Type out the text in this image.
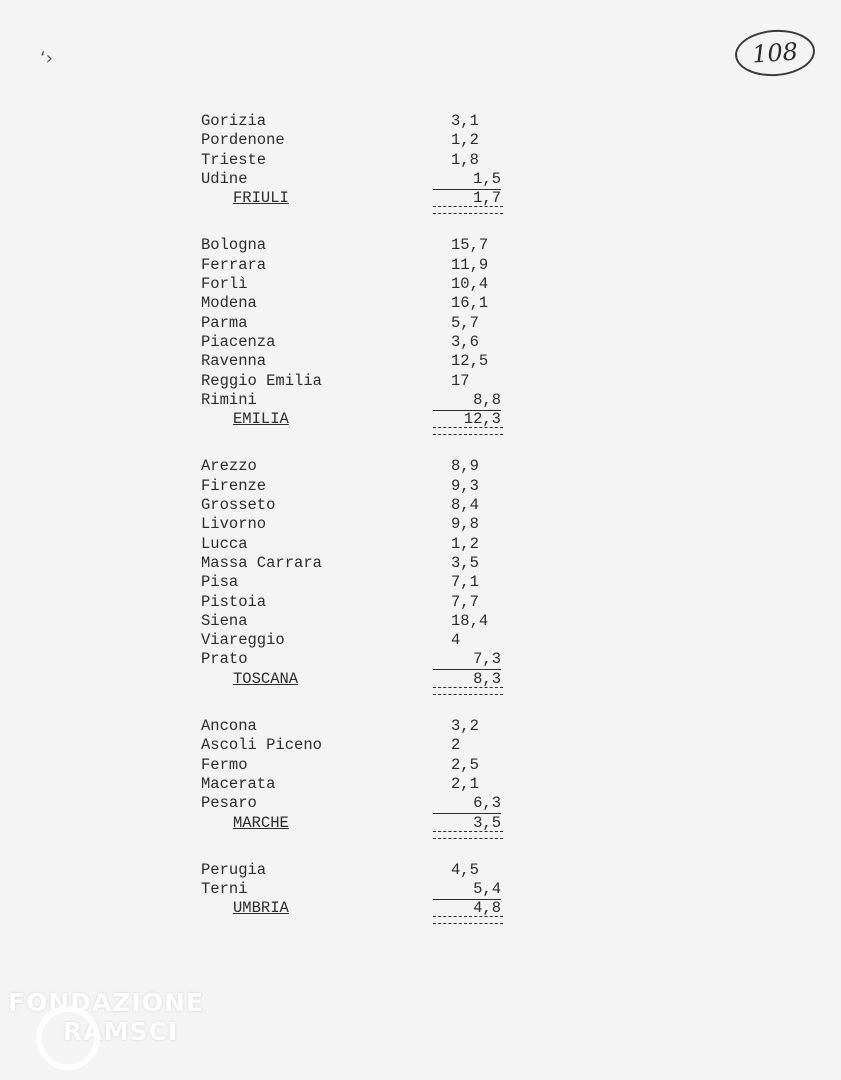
ʻ›	108
Gorizia	3,1
Pordenone	1,2
Trieste	1,8
Udine	1,5
FRIULI	1,7
Bologna	15,7
Ferrara	11,9
Forlì	10,4
Modena	16,1
Parma	5,7
Piacenza	3,6
Ravenna	12,5
Reggio Emilia	17
Rimini	8,8
EMILIA	12,3
Arezzo	8,9
Firenze	9,3
Grosseto	8,4
Livorno	9,8
Lucca	1,2
Massa Carrara	3,5
Pisa	7,1
Pistoia	7,7
Siena	18,4
Viareggio	4
Prato	7,3
TOSCANA	8,3
Ancona	3,2
Ascoli Piceno	2
Fermo	2,5
Macerata	2,1
Pesaro	6,3
MARCHE	3,5
Perugia	4,5
Terni	5,4
UMBRIA	4,8
FONDAZIONE
RAMSCI
